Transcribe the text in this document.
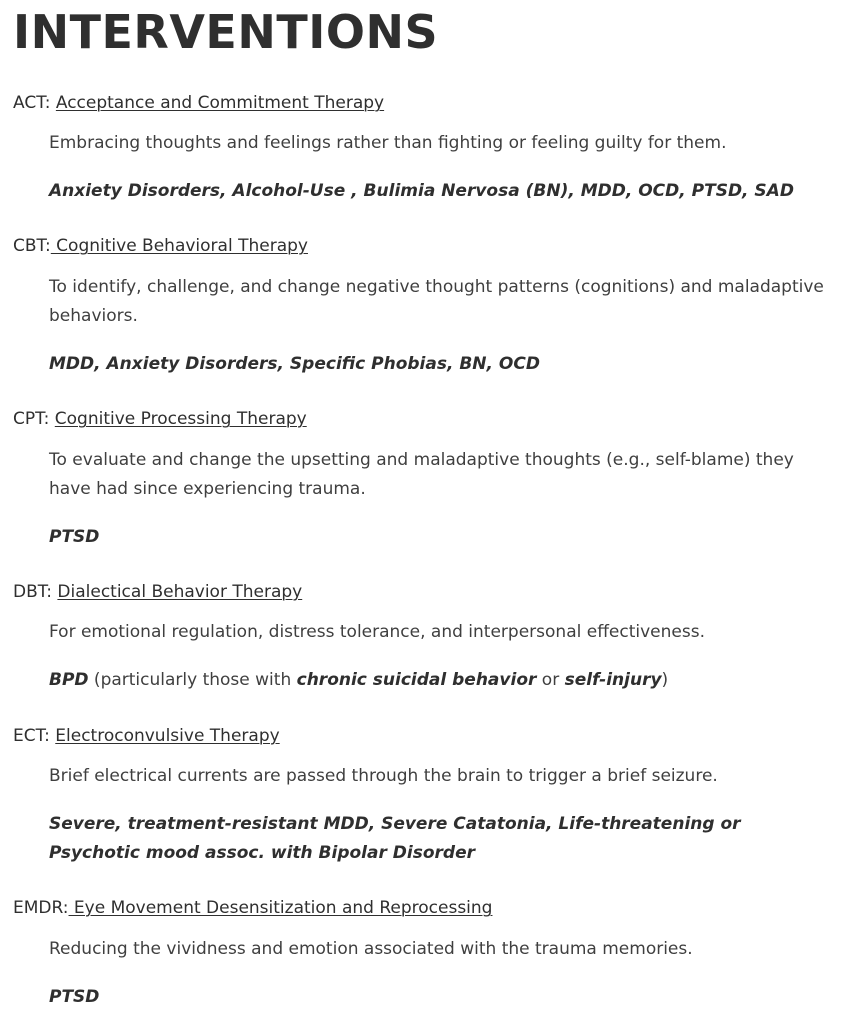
INTERVENTIONS

ACT: Acceptance and Commitment Therapy

Embracing thoughts and feelings rather than fighting or feeling guilty for them.

Anxiety Disorders, Alcohol-Use , Bulimia Nervosa (BN), MDD, OCD, PTSD, SAD

CBT: Cognitive Behavioral Therapy

To identify, challenge, and change negative thought patterns (cognitions) and maladaptive behaviors.

MDD, Anxiety Disorders, Specific Phobias, BN, OCD

CPT: Cognitive Processing Therapy

To evaluate and change the upsetting and maladaptive thoughts (e.g., self-blame) they have had since experiencing trauma.

PTSD

DBT: Dialectical Behavior Therapy

For emotional regulation, distress tolerance, and interpersonal effectiveness.

BPD (particularly those with chronic suicidal behavior or self-injury)

ECT: Electroconvulsive Therapy

Brief electrical currents are passed through the brain to trigger a brief seizure.

Severe, treatment-resistant MDD, Severe Catatonia, Life-threatening or Psychotic mood assoc. with Bipolar Disorder

EMDR: Eye Movement Desensitization and Reprocessing

Reducing the vividness and emotion associated with the trauma memories.

PTSD
